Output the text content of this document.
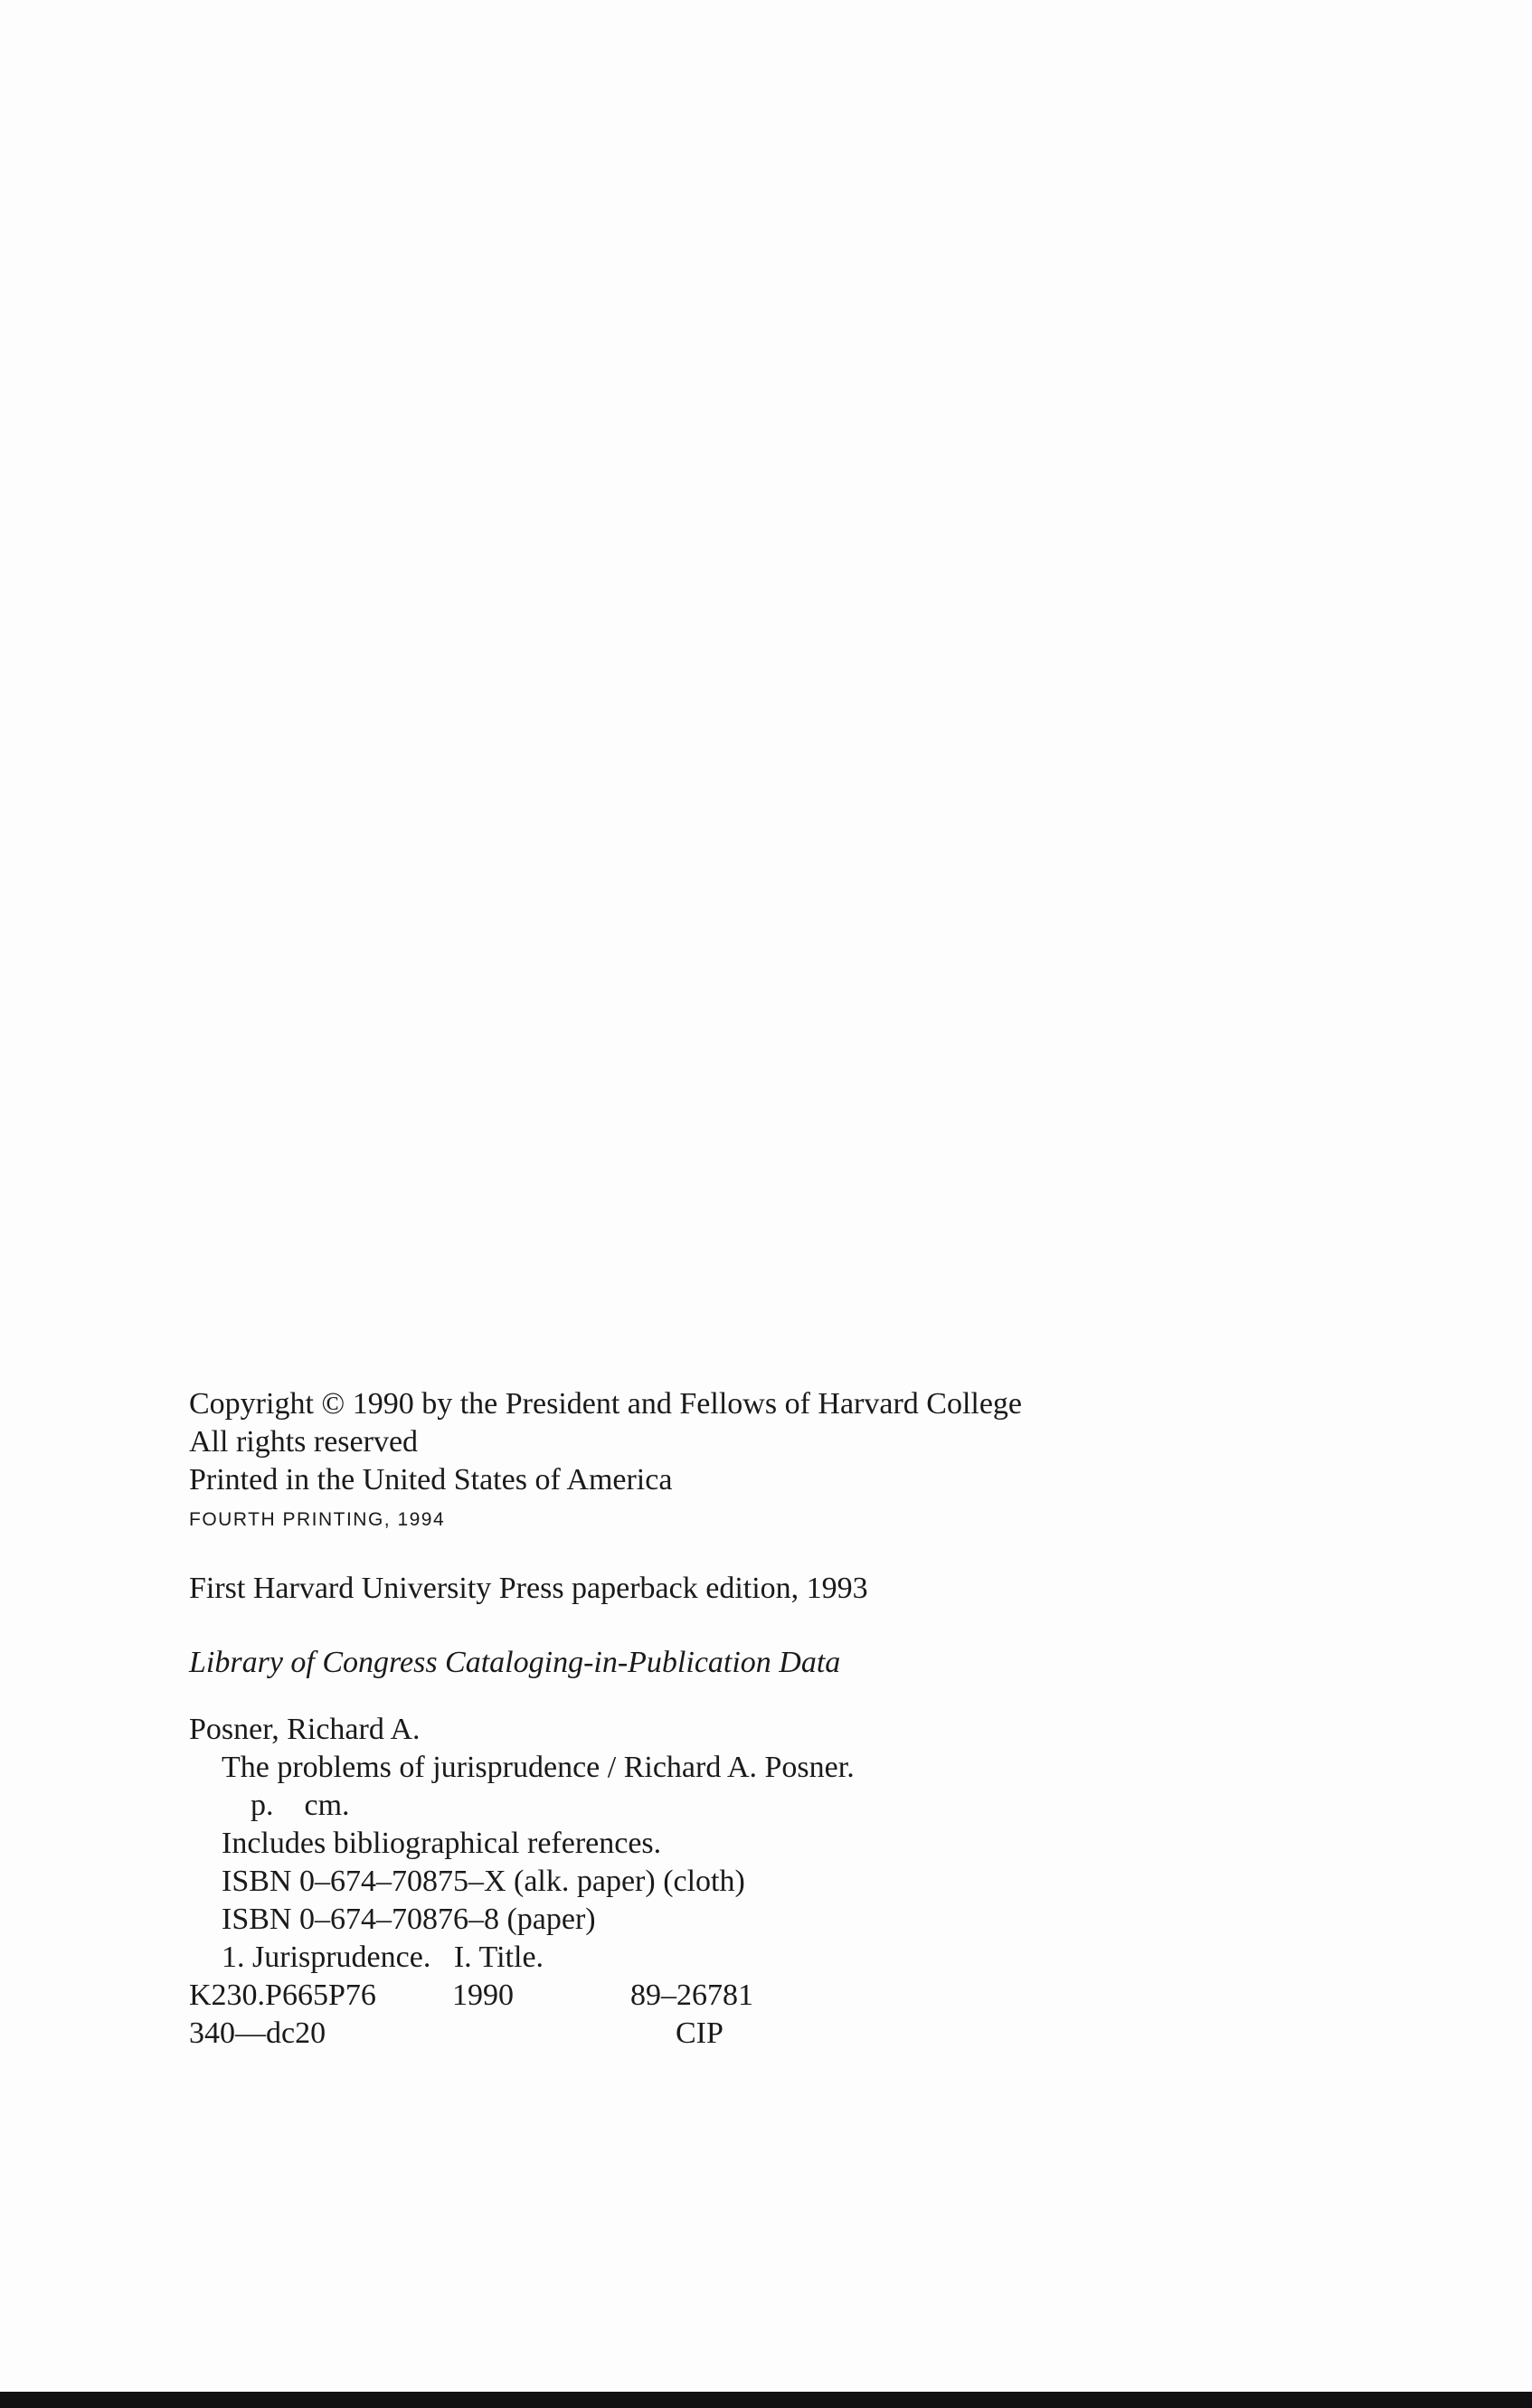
Copyright © 1990 by the President and Fellows of Harvard College
All rights reserved
Printed in the United States of America
FOURTH PRINTING, 1994
First Harvard University Press paperback edition, 1993
Library of Congress Cataloging-in-Publication Data
Posner, Richard A.
The problems of jurisprudence / Richard A. Posner.
p.    cm.
Includes bibliographical references.
ISBN 0–674–70875–X (alk. paper) (cloth)
ISBN 0–674–70876–8 (paper)
1. Jurisprudence.   I. Title.
K230.P665P76 1990	89–26781
340—dc20	CIP
